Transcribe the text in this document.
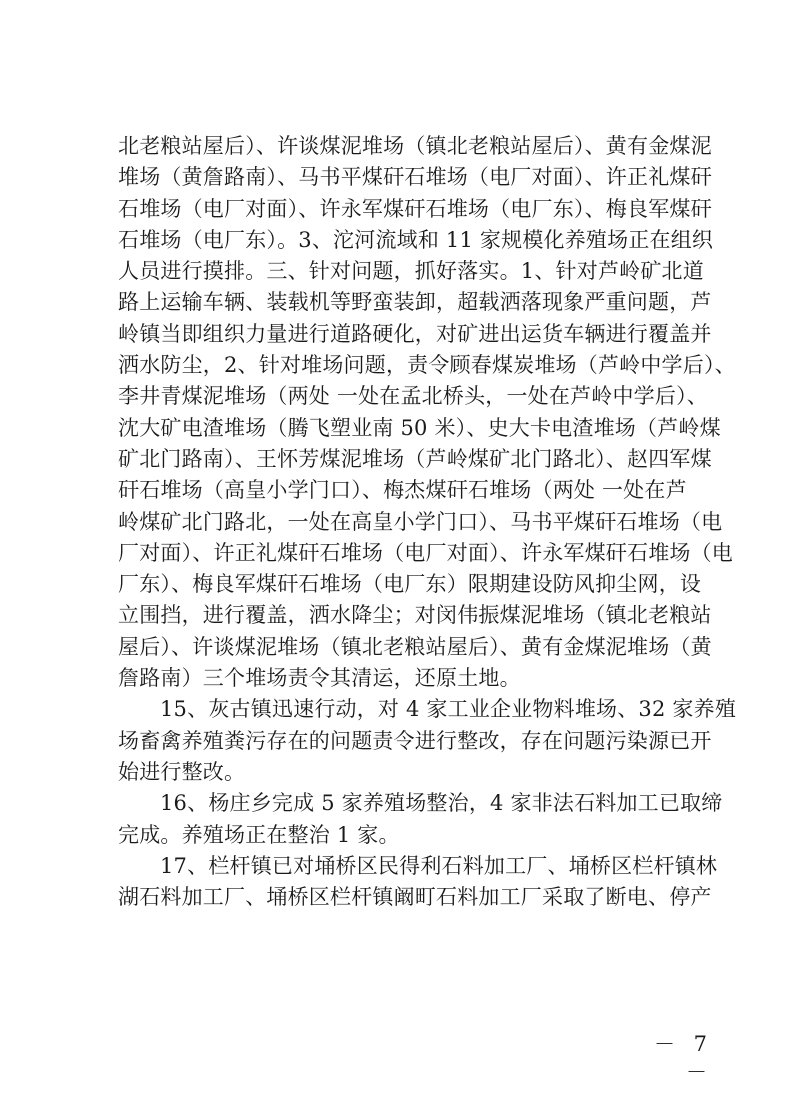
北老粮站屋后）、许谈煤泥堆场（镇北老粮站屋后）、黄有金煤泥
堆场（黄詹路南）、马书平煤矸石堆场（电厂对面）、许正礼煤矸
石堆场（电厂对面）、许永军煤矸石堆场（电厂东）、梅良军煤矸
石堆场（电厂东）。3、沱河流域和 11 家规模化养殖场正在组织
人员进行摸排。三、针对问题，抓好落实。1、针对芦岭矿北道
路上运输车辆、装载机等野蛮装卸，超载洒落现象严重问题，芦
岭镇当即组织力量进行道路硬化，对矿进出运货车辆进行覆盖并
洒水防尘，2、针对堆场问题，责令顾春煤炭堆场（芦岭中学后）、
李井青煤泥堆场（两处 一处在孟北桥头，一处在芦岭中学后）、
沈大矿电渣堆场（腾飞塑业南 50 米）、史大卡电渣堆场（芦岭煤
矿北门路南）、王怀芳煤泥堆场（芦岭煤矿北门路北）、赵四军煤
矸石堆场（高皇小学门口）、梅杰煤矸石堆场（两处 一处在芦
岭煤矿北门路北，一处在高皇小学门口）、马书平煤矸石堆场（电
厂对面）、许正礼煤矸石堆场（电厂对面）、许永军煤矸石堆场（电
厂东）、梅良军煤矸石堆场（电厂东）限期建设防风抑尘网，设
立围挡，进行覆盖，洒水降尘；对闵伟振煤泥堆场（镇北老粮站
屋后）、许谈煤泥堆场（镇北老粮站屋后）、黄有金煤泥堆场（黄
詹路南）三个堆场责令其清运，还原土地。
15、灰古镇迅速行动，对 4 家工业企业物料堆场、32 家养殖
场畜禽养殖粪污存在的问题责令进行整改，存在问题污染源已开
始进行整改。
16、杨庄乡完成 5 家养殖场整治，4 家非法石料加工已取缔
完成。养殖场正在整治 1 家。
17、栏杆镇已对埇桥区民得利石料加工厂、埇桥区栏杆镇林
湖石料加工厂、埇桥区栏杆镇阚町石料加工厂采取了断电、停产
－ 7 －
